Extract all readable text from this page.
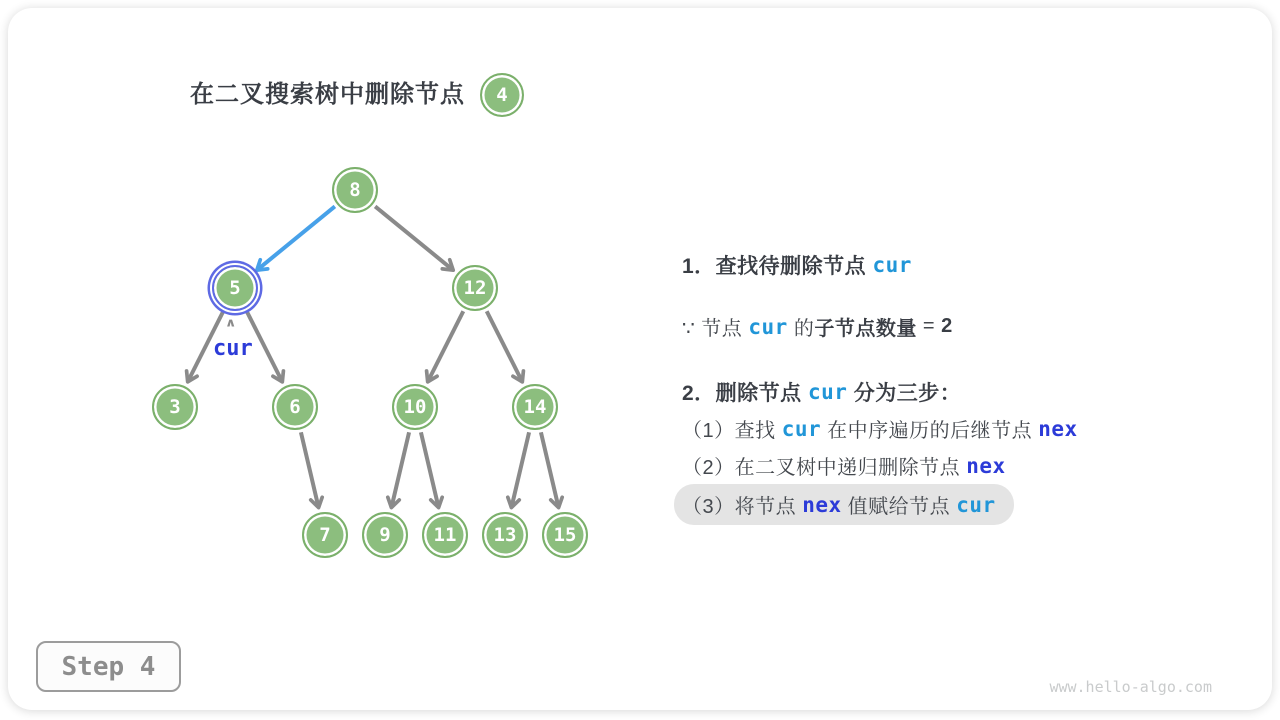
在二叉搜索树中删除节点 4
8
5	12
3	6	10	14
7	9	11	13	15
∧
cur
1．查找待删除节点 cur
∵ 节点 cur 的 子节点数量 = 2
2．删除节点 cur 分为三步：
（1）查找 cur 在中序遍历的后继节点 nex
（2）在二叉树中递归删除节点 nex
（3）将节点 nex 值赋给节点 cur
Step 4
www.hello-algo.com
